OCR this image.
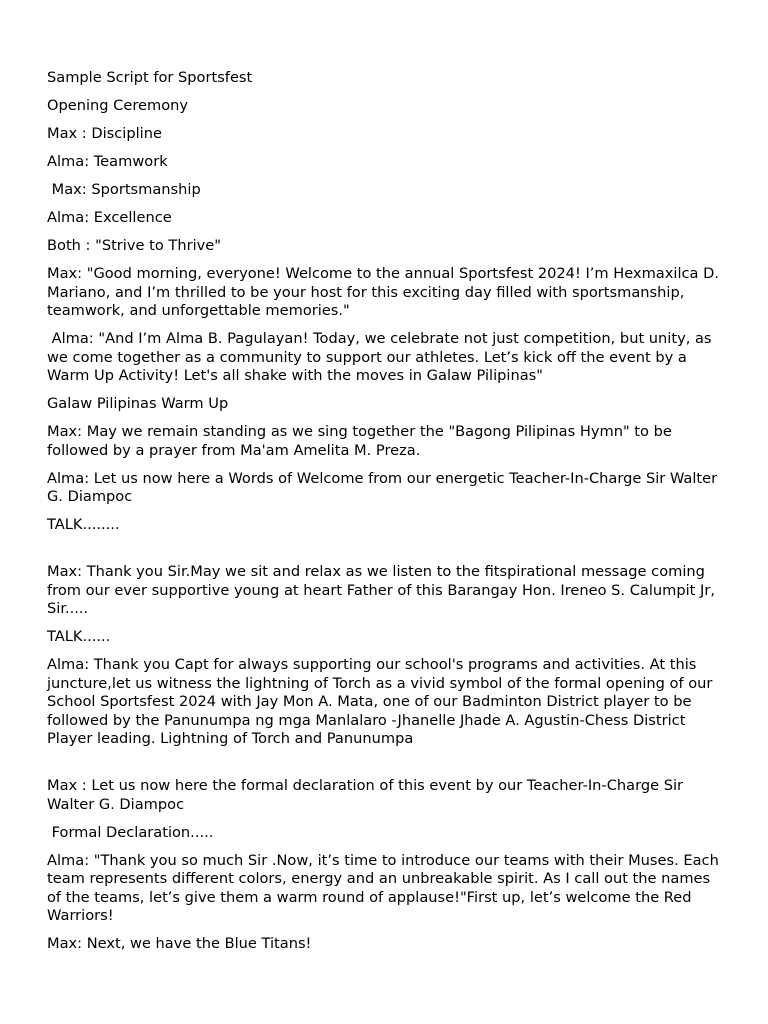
Sample Script for Sportsfest

Opening Ceremony

Max : Discipline

Alma: Teamwork

Max: Sportsmanship

Alma: Excellence

Both : "Strive to Thrive"

Max: "Good morning, everyone! Welcome to the annual Sportsfest 2024! I’m Hexmaxilca D. Mariano, and I’m thrilled to be your host for this exciting day filled with sportsmanship, teamwork, and unforgettable memories."

Alma: "And I’m Alma B. Pagulayan! Today, we celebrate not just competition, but unity, as we come together as a community to support our athletes. Let’s kick off the event by a Warm Up Activity! Let's all shake with the moves in Galaw Pilipinas"

Galaw Pilipinas Warm Up

Max: May we remain standing as we sing together the "Bagong Pilipinas Hymn" to be followed by a prayer from Ma'am Amelita M. Preza.

Alma: Let us now here a Words of Welcome from our energetic Teacher-In-Charge Sir Walter G. Diampoc

TALK........

Max: Thank you Sir.May we sit and relax as we listen to the fitspirational message coming from our ever supportive young at heart Father of this Barangay Hon. Ireneo S. Calumpit Jr, Sir.....

TALK......

Alma: Thank you Capt for always supporting our school's programs and activities. At this juncture,let us witness the lightning of Torch as a vivid symbol of the formal opening of our School Sportsfest 2024 with Jay Mon A. Mata, one of our Badminton District player to be followed by the Panunumpa ng mga Manlalaro -Jhanelle Jhade A. Agustin-Chess District Player leading. Lightning of Torch and Panunumpa

Max : Let us now here the formal declaration of this event by our Teacher-In-Charge Sir Walter G. Diampoc

Formal Declaration.....

Alma: "Thank you so much Sir .Now, it’s time to introduce our teams with their Muses. Each team represents different colors, energy and an unbreakable spirit. As I call out the names of the teams, let’s give them a warm round of applause!"First up, let’s welcome the Red Warriors!

Max: Next, we have the Blue Titans!
